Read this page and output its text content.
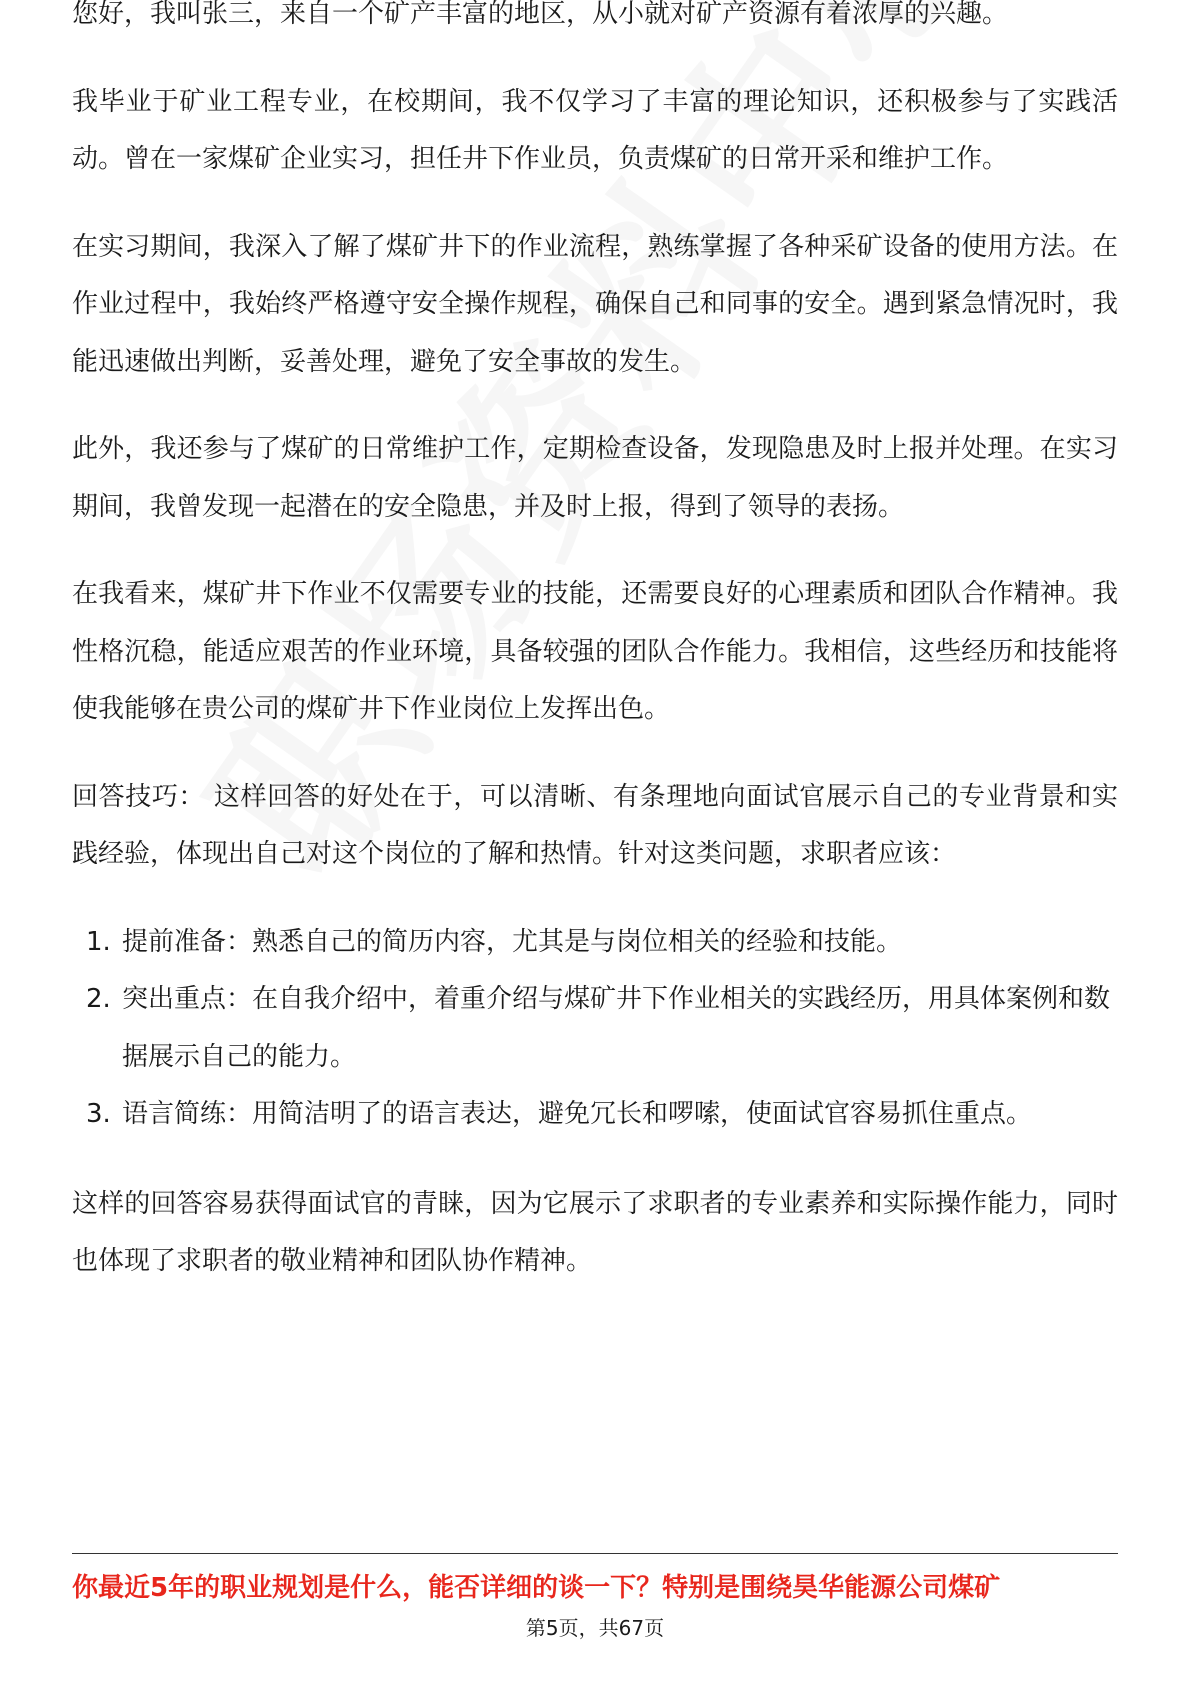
您好，我叫张三，来自一个矿产丰富的地区，从小就对矿产资源有着浓厚的兴趣。

我毕业于矿业工程专业，在校期间，我不仅学习了丰富的理论知识，还积极参与了实践活动。曾在一家煤矿企业实习，担任井下作业员，负责煤矿的日常开采和维护工作。

在实习期间，我深入了解了煤矿井下的作业流程，熟练掌握了各种采矿设备的使用方法。在作业过程中，我始终严格遵守安全操作规程，确保自己和同事的安全。遇到紧急情况时，我能迅速做出判断，妥善处理，避免了安全事故的发生。

此外，我还参与了煤矿的日常维护工作，定期检查设备，发现隐患及时上报并处理。在实习期间，我曾发现一起潜在的安全隐患，并及时上报，得到了领导的表扬。

在我看来，煤矿井下作业不仅需要专业的技能，还需要良好的心理素质和团队合作精神。我性格沉稳，能适应艰苦的作业环境，具备较强的团队合作能力。我相信，这些经历和技能将使我能够在贵公司的煤矿井下作业岗位上发挥出色。

回答技巧： 这样回答的好处在于，可以清晰、有条理地向面试官展示自己的专业背景和实践经验，体现出自己对这个岗位的了解和热情。针对这类问题，求职者应该：

1. 提前准备：熟悉自己的简历内容，尤其是与岗位相关的经验和技能。
2. 突出重点：在自我介绍中，着重介绍与煤矿井下作业相关的实践经历，用具体案例和数据展示自己的能力。
3. 语言简练：用简洁明了的语言表达，避免冗长和啰嗦，使面试官容易抓住重点。

这样的回答容易获得面试官的青睐，因为它展示了求职者的专业素养和实际操作能力，同时也体现了求职者的敬业精神和团队协作精神。

你最近5年的职业规划是什么，能否详细的谈一下？特别是围绕昊华能源公司煤矿
第5页，共67页
